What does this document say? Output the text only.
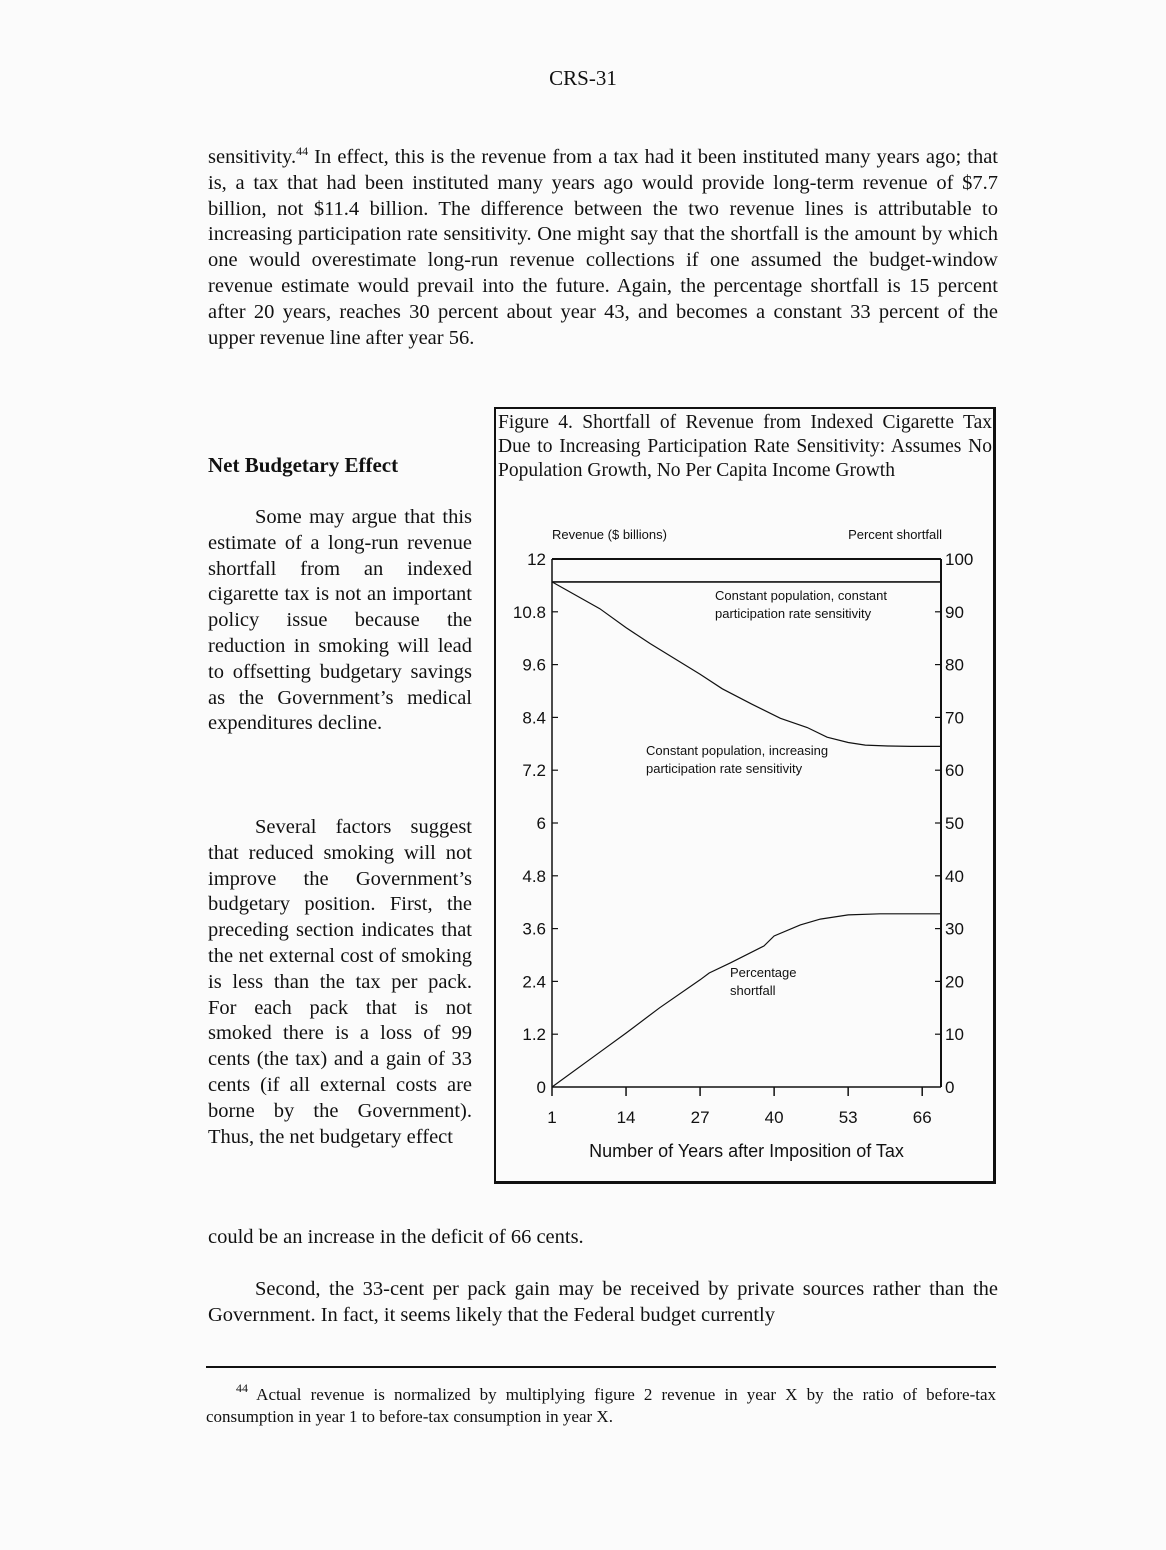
CRS-31
sensitivity.$^{44}$ In effect, this is the revenue from a tax had it been instituted many years ago; that is, a tax that had been instituted many years ago would provide long-term revenue of $7.7 billion, not $11.4 billion. The difference between the two revenue lines is attributable to increasing participation rate sensitivity. One might say that the shortfall is the amount by which one would overestimate long-run revenue collections if one assumed the budget-window revenue estimate would prevail into the future. Again, the percentage shortfall is 15 percent after 20 years, reaches 30 percent about year 43, and becomes a constant 33 percent of the upper revenue line after year 56.
Net Budgetary Effect
Some may argue that this estimate of a long-run revenue shortfall from an indexed cigarette tax is not an important policy issue because the reduction in smoking will lead to offsetting budgetary savings as the Government’s medical expenditures decline.
Several factors suggest that reduced smoking will not improve the Government’s budgetary position. First, the preceding section indicates that the net external cost of smoking is less than the tax per pack. For each pack that is not smoked there is a loss of 99 cents (the tax) and a gain of 33 cents (if all external costs are borne by the Government). Thus, the net budgetary effect
could be an increase in the deficit of 66 cents.
Second, the 33-cent per pack gain may be received by private sources rather than the Government. In fact, it seems likely that the Federal budget currently
$^{44}$ Actual revenue is normalized by multiplying figure 2 revenue in year X by the ratio of before-tax consumption in year 1 to before-tax consumption in year X.
Figure 4. Shortfall of Revenue from Indexed Cigarette Tax Due to Increasing Participation Rate Sensitivity: Assumes No Population Growth, No Per Capita Income Growth
Revenue ($ billions)	Percent shortfall
0
1.2
2.4
3.6
4.8
6
7.2
8.4
9.6
10.8
12
0
10
20
30
40
50
60
70
80
90
100
1	14	27	40	53	66
Number of Years after Imposition of Tax
Constant population, constant
participation rate sensitivity
Constant population, increasing
participation rate sensitivity
Percentage
shortfall
